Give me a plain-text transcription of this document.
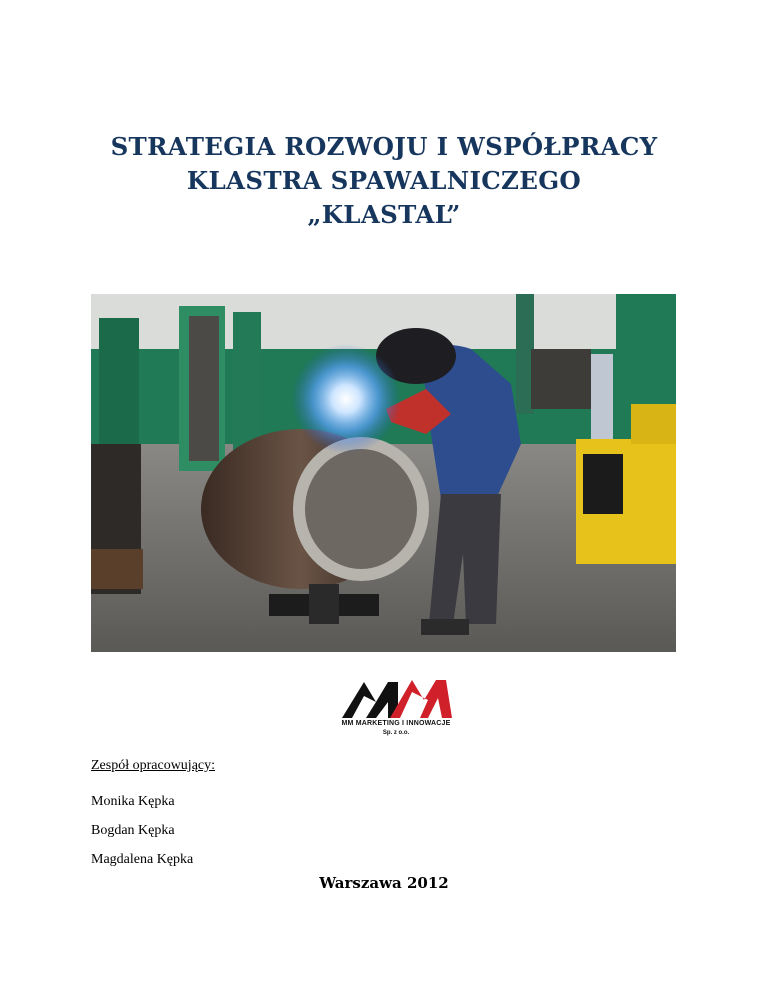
STRATEGIA ROZWOJU I WSPÓŁPRACY
KLASTRA SPAWALNICZEGO
„KLASTAL”
MM MARKETING I INNOWACJE
Sp. z o.o.
Zespół opracowujący:
Monika Kępka
Bogdan Kępka
Magdalena Kępka
Warszawa 2012
